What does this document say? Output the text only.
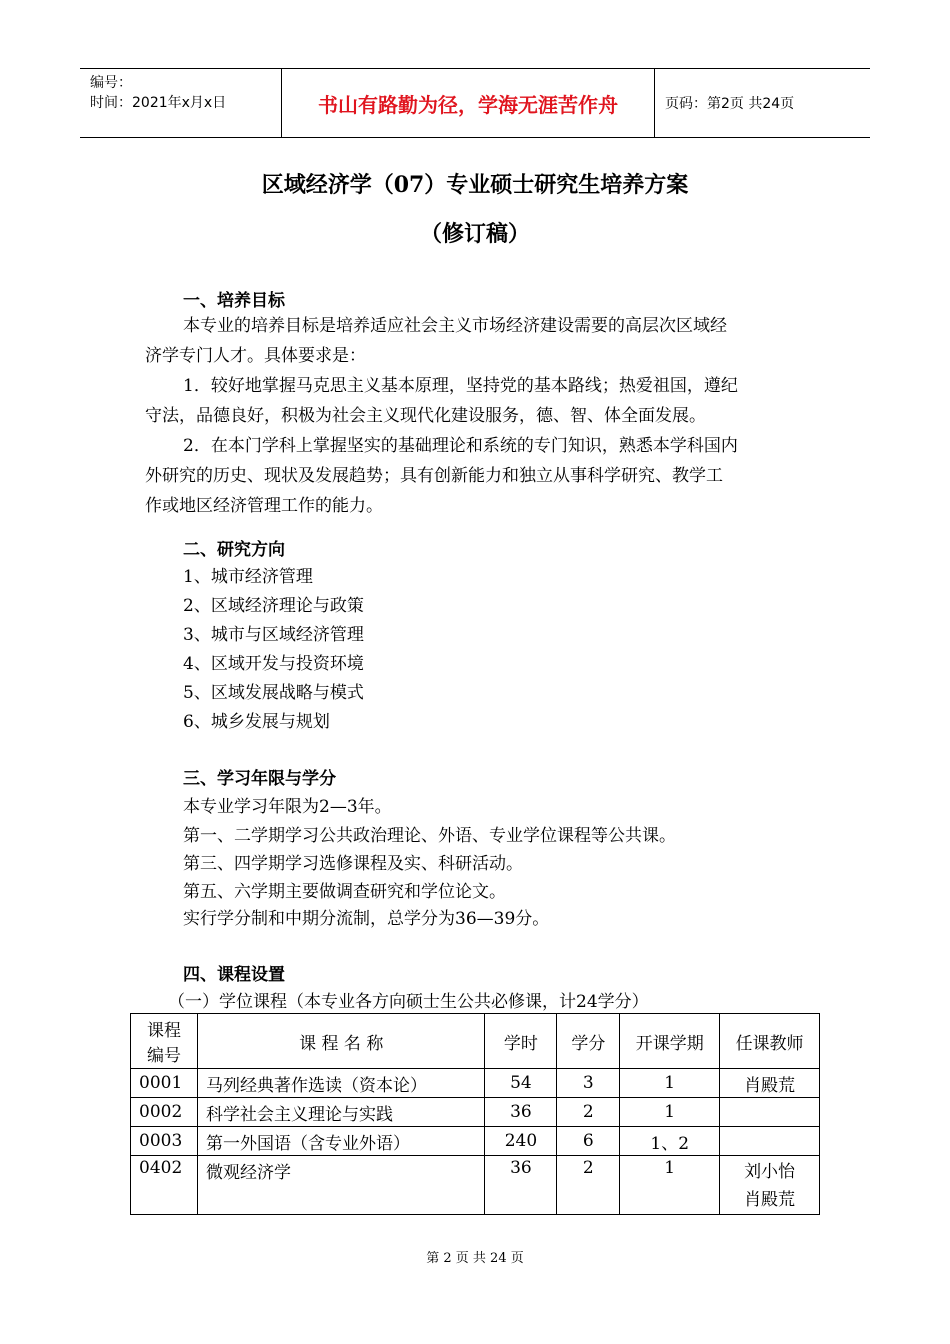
编号：
时间：2021年x月x日	书山有路勤为径，学海无涯苦作舟	页码：第2页 共24页
区域经济学（07）专业硕士研究生培养方案
（修订稿）
一、培养目标
本专业的培养目标是培养适应社会主义市场经济建设需要的高层次区域经
济学专门人才。具体要求是：
1．较好地掌握马克思主义基本原理，坚持党的基本路线；热爱祖国，遵纪
守法，品德良好，积极为社会主义现代化建设服务，德、智、体全面发展。
2．在本门学科上掌握坚实的基础理论和系统的专门知识，熟悉本学科国内
外研究的历史、现状及发展趋势；具有创新能力和独立从事科学研究、教学工
作或地区经济管理工作的能力。
二、研究方向
1、城市经济管理
2、区域经济理论与政策
3、城市与区域经济管理
4、区域开发与投资环境
5、区域发展战略与模式
6、城乡发展与规划
三、学习年限与学分
本专业学习年限为2—3年。
第一、二学期学习公共政治理论、外语、专业学位课程等公共课。
第三、四学期学习选修课程及实、科研活动。
第五、六学期主要做调查研究和学位论文。
实行学分制和中期分流制，总学分为36—39分。
四、课程设置
（一）学位课程（本专业各方向硕士生公共必修课，计24学分）
课程
编号	课 程 名 称	学时	学分	开课学期	任课教师
0001	马列经典著作选读（资本论）	54	3	1	肖殿荒
0002	科学社会主义理论与实践	36	2	1	
0003	第一外国语（含专业外语）	240	6	1、2	
0402	微观经济学	36	2	1	刘小怡
肖殿荒
第 2 页 共 24 页
